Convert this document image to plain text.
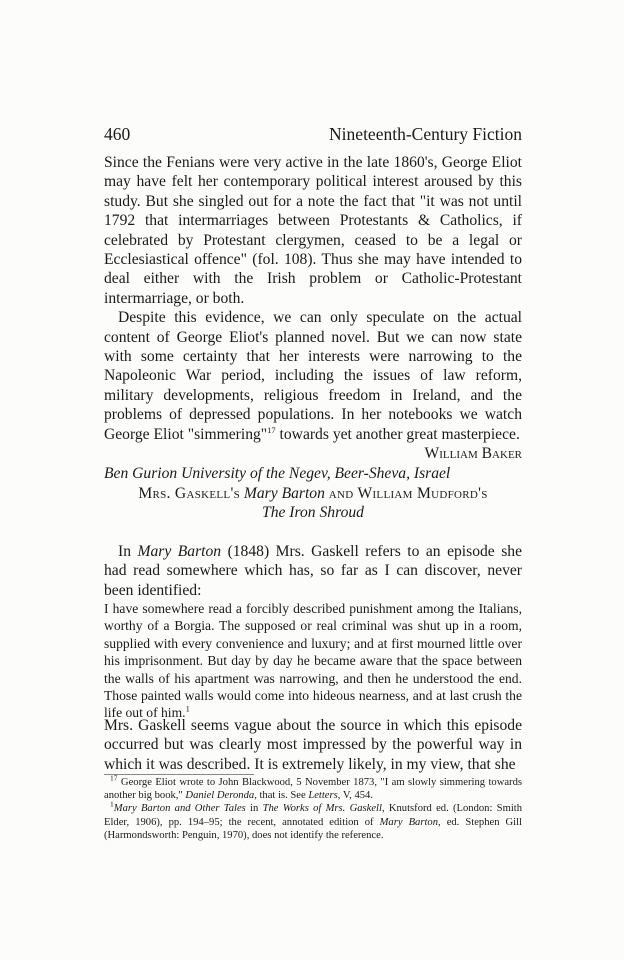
460	Nineteenth-Century Fiction

Since the Fenians were very active in the late 1860's, George Eliot may have felt her contemporary political interest aroused by this study. But she singled out for a note the fact that "it was not until 1792 that intermarriages between Protestants & Catholics, if celebrated by Protestant clergymen, ceased to be a legal or Ecclesiastical offence" (fol. 108). Thus she may have intended to deal either with the Irish problem or Catholic-Protestant intermarriage, or both.

Despite this evidence, we can only speculate on the actual content of George Eliot's planned novel. But we can now state with some certainty that her interests were narrowing to the Napoleonic War period, including the issues of law reform, military developments, religious freedom in Ireland, and the problems of depressed populations. In her notebooks we watch George Eliot "simmering"$^{17}$ towards yet another great masterpiece.

William Baker
Ben Gurion University of the Negev, Beer-Sheva, Israel
Mrs. Gaskell's Mary Barton and William Mudford's
The Iron Shroud

In Mary Barton (1848) Mrs. Gaskell refers to an episode she had read somewhere which has, so far as I can discover, never been identified:

I have somewhere read a forcibly described punishment among the Italians, worthy of a Borgia. The supposed or real criminal was shut up in a room, supplied with every convenience and luxury; and at first mourned little over his imprisonment. But day by day he became aware that the space between the walls of his apartment was narrowing, and then he understood the end. Those painted walls would come into hideous nearness, and at last crush the life out of him.$^1$

Mrs. Gaskell seems vague about the source in which this episode occurred but was clearly most impressed by the powerful way in which it was described. It is extremely likely, in my view, that she

$^{17}$ George Eliot wrote to John Blackwood, 5 November 1873, "I am slowly simmering towards another big book," Daniel Deronda, that is. See Letters, V, 454.

$^1$Mary Barton and Other Tales in The Works of Mrs. Gaskell, Knutsford ed. (London: Smith Elder, 1906), pp. 194–95; the recent, annotated edition of Mary Barton, ed. Stephen Gill (Harmondsworth: Penguin, 1970), does not identify the reference.
